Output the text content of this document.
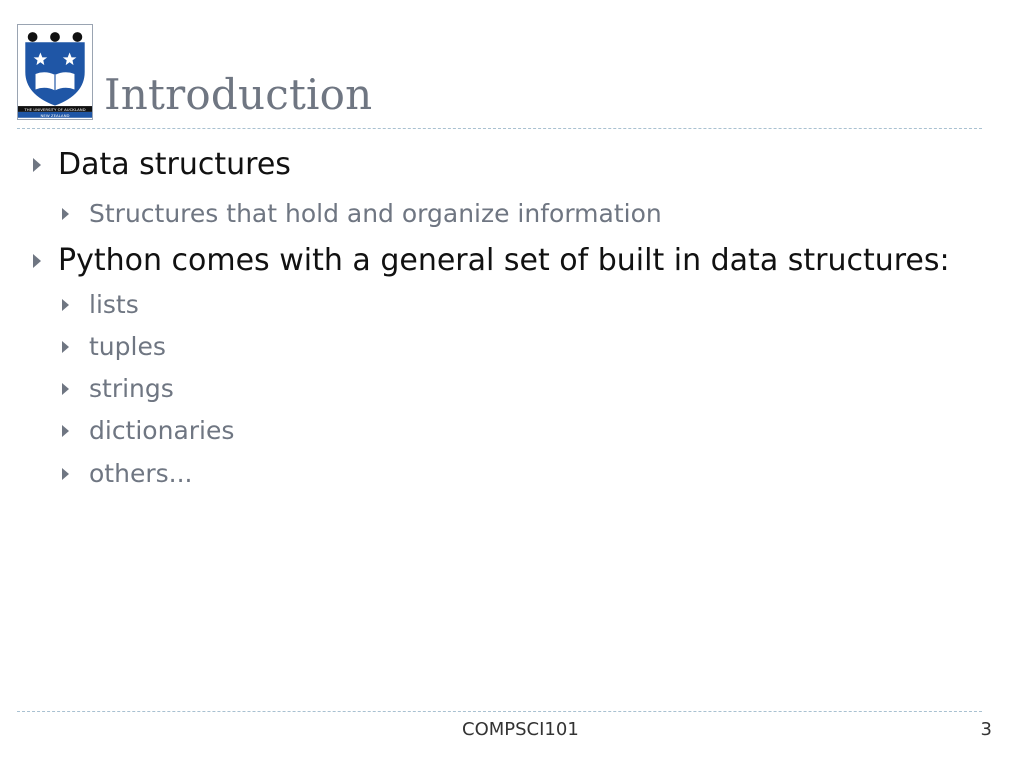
THE UNIVERSITY OF AUCKLAND
NEW ZEALAND Introduction
Data structures
Structures that hold and organize information
Python comes with a general set of built in data structures:
lists
tuples
strings
dictionaries
others...
COMPSCI101	3
